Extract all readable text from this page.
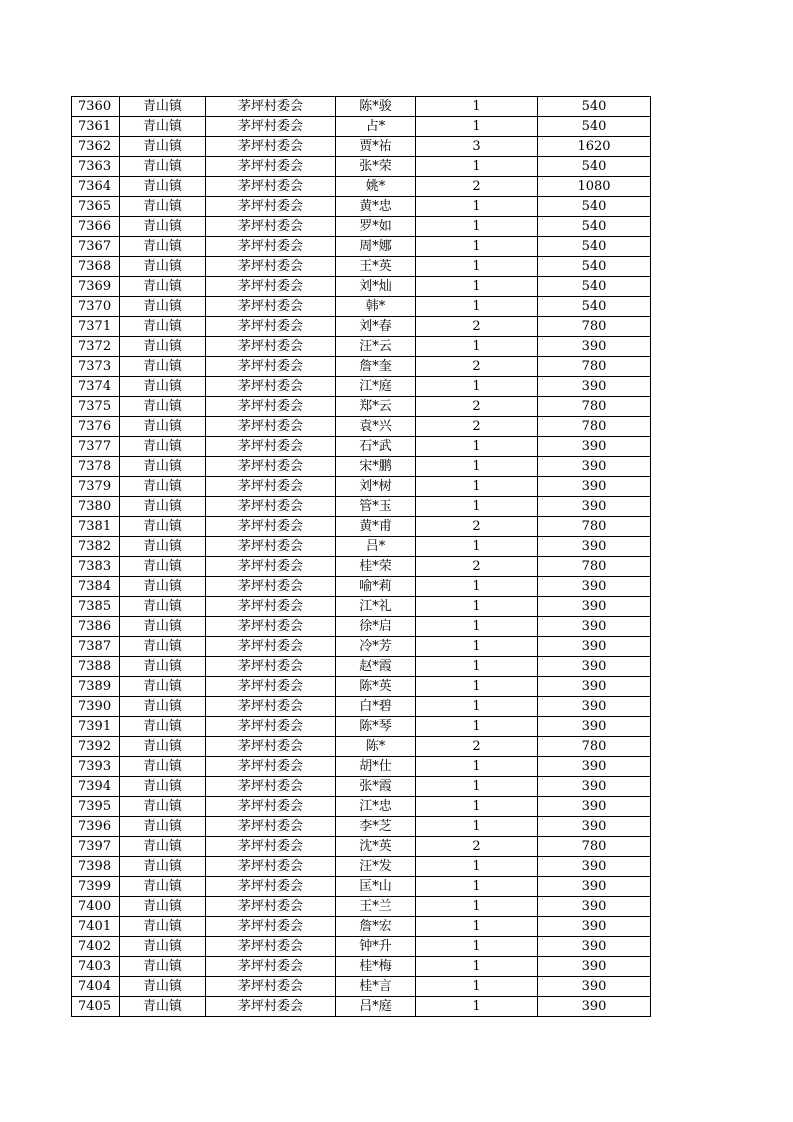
7360	青山镇	茅坪村委会	陈*骏	1	540
7361	青山镇	茅坪村委会	占*	1	540
7362	青山镇	茅坪村委会	贾*祐	3	1620
7363	青山镇	茅坪村委会	张*荣	1	540
7364	青山镇	茅坪村委会	姚*	2	1080
7365	青山镇	茅坪村委会	黄*忠	1	540
7366	青山镇	茅坪村委会	罗*如	1	540
7367	青山镇	茅坪村委会	周*娜	1	540
7368	青山镇	茅坪村委会	王*英	1	540
7369	青山镇	茅坪村委会	刘*灿	1	540
7370	青山镇	茅坪村委会	韩*	1	540
7371	青山镇	茅坪村委会	刘*春	2	780
7372	青山镇	茅坪村委会	汪*云	1	390
7373	青山镇	茅坪村委会	詹*奎	2	780
7374	青山镇	茅坪村委会	江*庭	1	390
7375	青山镇	茅坪村委会	郑*云	2	780
7376	青山镇	茅坪村委会	袁*兴	2	780
7377	青山镇	茅坪村委会	石*武	1	390
7378	青山镇	茅坪村委会	宋*鹏	1	390
7379	青山镇	茅坪村委会	刘*树	1	390
7380	青山镇	茅坪村委会	管*玉	1	390
7381	青山镇	茅坪村委会	黄*甫	2	780
7382	青山镇	茅坪村委会	吕*	1	390
7383	青山镇	茅坪村委会	桂*荣	2	780
7384	青山镇	茅坪村委会	喻*莉	1	390
7385	青山镇	茅坪村委会	江*礼	1	390
7386	青山镇	茅坪村委会	徐*启	1	390
7387	青山镇	茅坪村委会	冷*芳	1	390
7388	青山镇	茅坪村委会	赵*霞	1	390
7389	青山镇	茅坪村委会	陈*英	1	390
7390	青山镇	茅坪村委会	白*碧	1	390
7391	青山镇	茅坪村委会	陈*琴	1	390
7392	青山镇	茅坪村委会	陈*	2	780
7393	青山镇	茅坪村委会	胡*仕	1	390
7394	青山镇	茅坪村委会	张*霞	1	390
7395	青山镇	茅坪村委会	江*忠	1	390
7396	青山镇	茅坪村委会	李*芝	1	390
7397	青山镇	茅坪村委会	沈*英	2	780
7398	青山镇	茅坪村委会	汪*发	1	390
7399	青山镇	茅坪村委会	匡*山	1	390
7400	青山镇	茅坪村委会	王*兰	1	390
7401	青山镇	茅坪村委会	詹*宏	1	390
7402	青山镇	茅坪村委会	钟*升	1	390
7403	青山镇	茅坪村委会	桂*梅	1	390
7404	青山镇	茅坪村委会	桂*言	1	390
7405	青山镇	茅坪村委会	吕*庭	1	390
